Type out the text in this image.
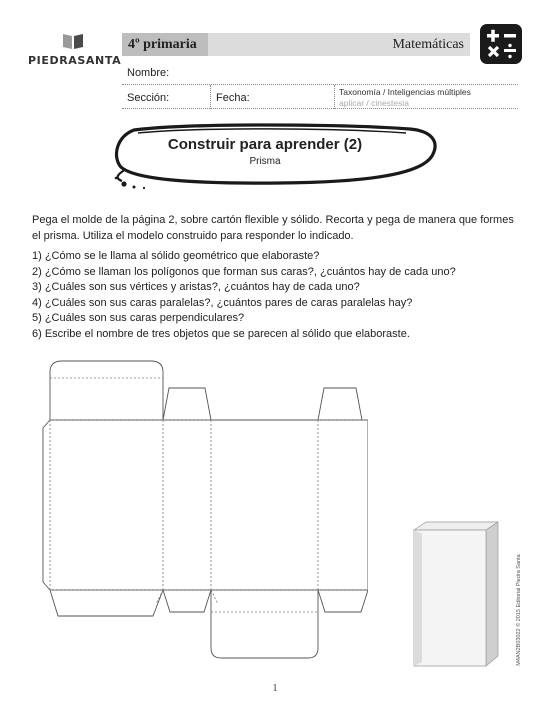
PIEDRASANTA
4º primaria	Matemáticas
Nombre:
Sección:	Fecha:	Taxonomía / Inteligencias múltiples
aplicar / cinestesia
Construir para aprender (2)
Prisma

Pega el molde de la página 2, sobre cartón flexible y sólido. Recorta y pega de manera que formes el prisma. Utiliza el modelo construido para responder lo indicado.

1) ¿Cómo se le llama al sólido geométrico que elaboraste?
2) ¿Cómo se llaman los polígonos que forman sus caras?, ¿cuántos hay de cada uno?
3) ¿Cuáles son sus vértices y aristas?, ¿cuántos hay de cada uno?
4) ¿Cuáles son sus caras paralelas?, ¿cuántos pares de caras paralelas hay?
5) ¿Cuáles son sus caras perpendiculares?
6) Escribe el nombre de tres objetos que se parecen al sólido que elaboraste.
M4AN2B03022 © 2015 Editorial Piedra Santa
1
